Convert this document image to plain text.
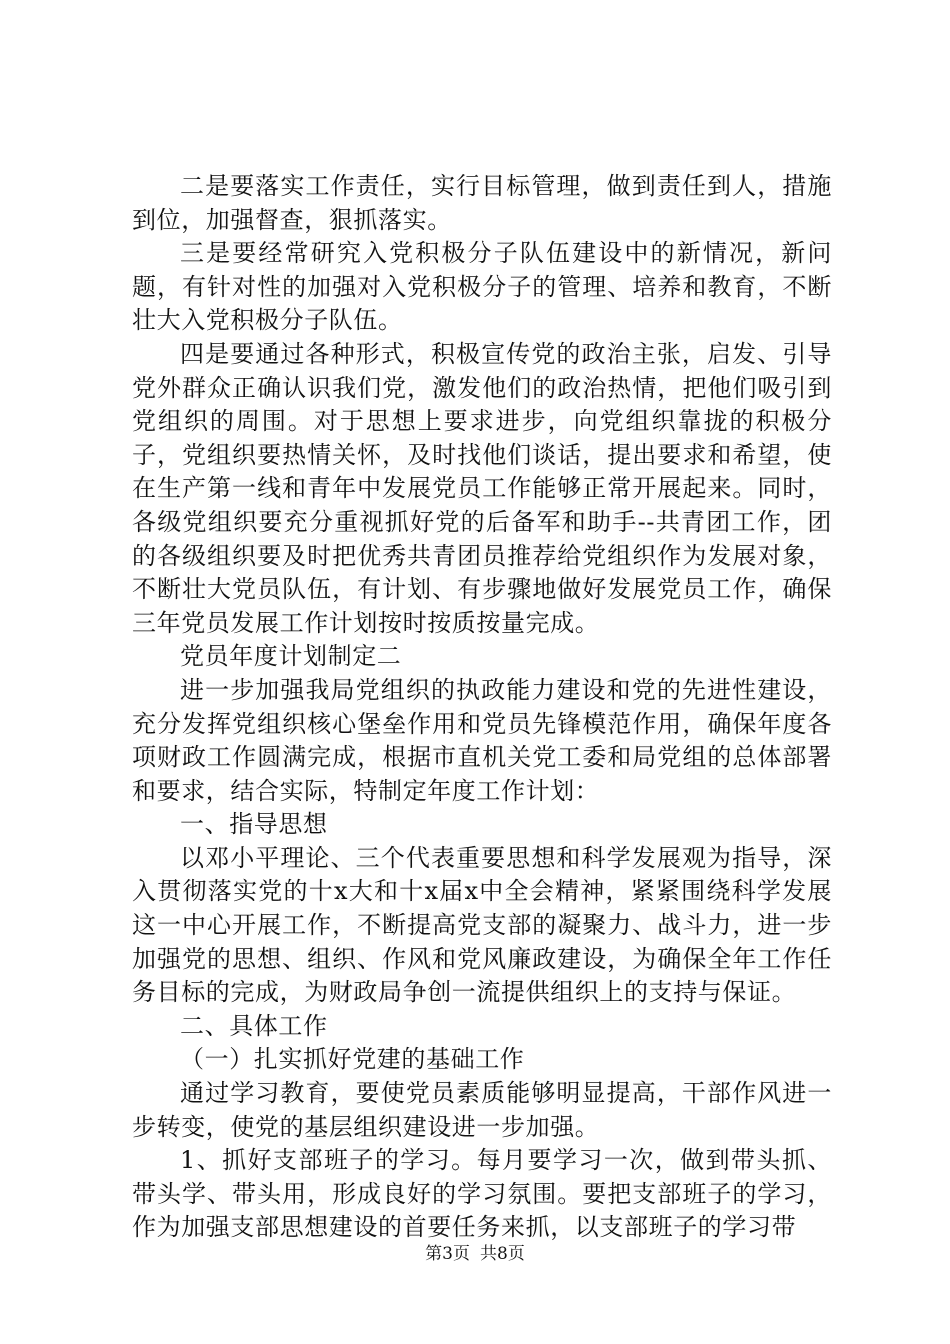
二是要落实工作责任，实行目标管理，做到责任到人，措施到位，加强督查，狠抓落实。

三是要经常研究入党积极分子队伍建设中的新情况，新问题，有针对性的加强对入党积极分子的管理、培养和教育，不断壮大入党积极分子队伍。

四是要通过各种形式，积极宣传党的政治主张，启发、引导党外群众正确认识我们党，激发他们的政治热情，把他们吸引到党组织的周围。对于思想上要求进步，向党组织靠拢的积极分子，党组织要热情关怀，及时找他们谈话，提出要求和希望，使在生产第一线和青年中发展党员工作能够正常开展起来。同时，各级党组织要充分重视抓好党的后备军和助手--共青团工作，团的各级组织要及时把优秀共青团员推荐给党组织作为发展对象，不断壮大党员队伍，有计划、有步骤地做好发展党员工作，确保三年党员发展工作计划按时按质按量完成。

党员年度计划制定二

进一步加强我局党组织的执政能力建设和党的先进性建设，充分发挥党组织核心堡垒作用和党员先锋模范作用，确保年度各项财政工作圆满完成，根据市直机关党工委和局党组的总体部署和要求，结合实际，特制定年度工作计划：

一、指导思想

以邓小平理论、三个代表重要思想和科学发展观为指导，深入贯彻落实党的十x大和十x届x中全会精神，紧紧围绕科学发展这一中心开展工作，不断提高党支部的凝聚力、战斗力，进一步加强党的思想、组织、作风和党风廉政建设，为确保全年工作任务目标的完成，为财政局争创一流提供组织上的支持与保证。

二、具体工作

（一）扎实抓好党建的基础工作

通过学习教育，要使党员素质能够明显提高，干部作风进一步转变，使党的基层组织建设进一步加强。

1、抓好支部班子的学习。每月要学习一次，做到带头抓、带头学、带头用，形成良好的学习氛围。要把支部班子的学习，作为加强支部思想建设的首要任务来抓，以支部班子的学习带

第3页 共8页
